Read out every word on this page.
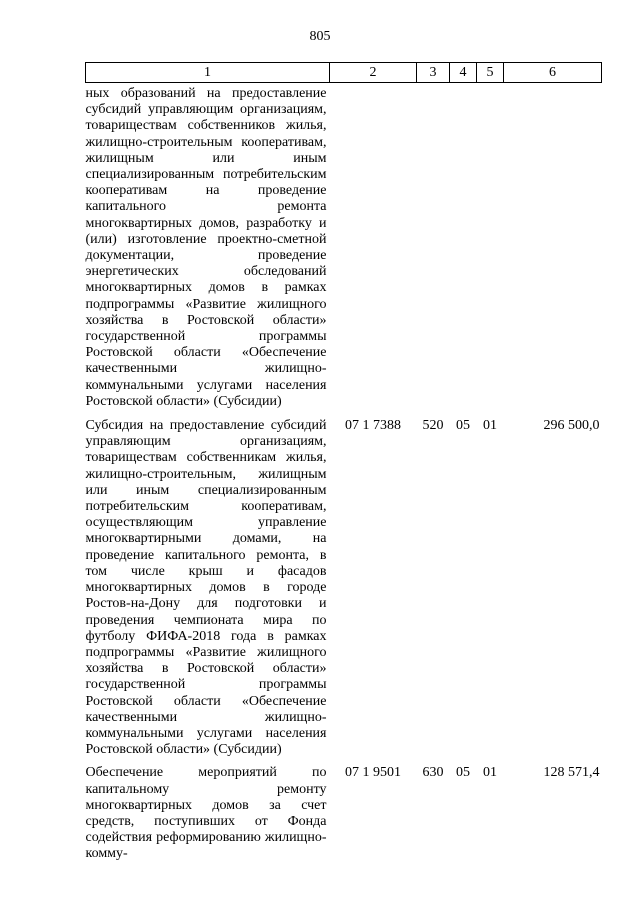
805
1	2	3	4	5	6
ных образований на предоставление субсидий управляющим организациям, товариществам собственников жилья, жилищно-строительным кооперативам, жилищным или иным специализированным потребительским кооперативам на проведение капитального ремонта многоквартирных домов, разработку и (или) изготовление проектно-сметной документации, проведение энергетических обследований многоквартирных домов в рамках подпрограммы «Развитие жилищного хозяйства в Ростовской области» государственной программы Ростовской области «Обеспечение качественными жилищно-коммунальными услугами населения Ростовской области» (Субсидии)					
Субсидия на предоставление субсидий управляющим организациям, товариществам собственникам жилья, жилищно-строительным, жилищным или иным специализированным потребительским кооперативам, осуществляющим управление многоквартирными домами, на проведение капитального ремонта, в том числе крыш и фасадов многоквартирных домов в городе Ростов-на-Дону для подготовки и проведения чемпионата мира по футболу ФИФА-2018 года в рамках подпрограммы «Развитие жилищного хозяйства в Ростовской области» государственной программы Ростовской области «Обеспечение качественными жилищно-коммунальными услугами населения Ростовской области» (Субсидии)	07 1 7388	520	05	01	296 500,0
Обеспечение мероприятий по капитальному ремонту многоквартирных домов за счет средств, поступивших от Фонда содействия реформированию жилищно-комму-	07 1 9501	630	05	01	128 571,4
